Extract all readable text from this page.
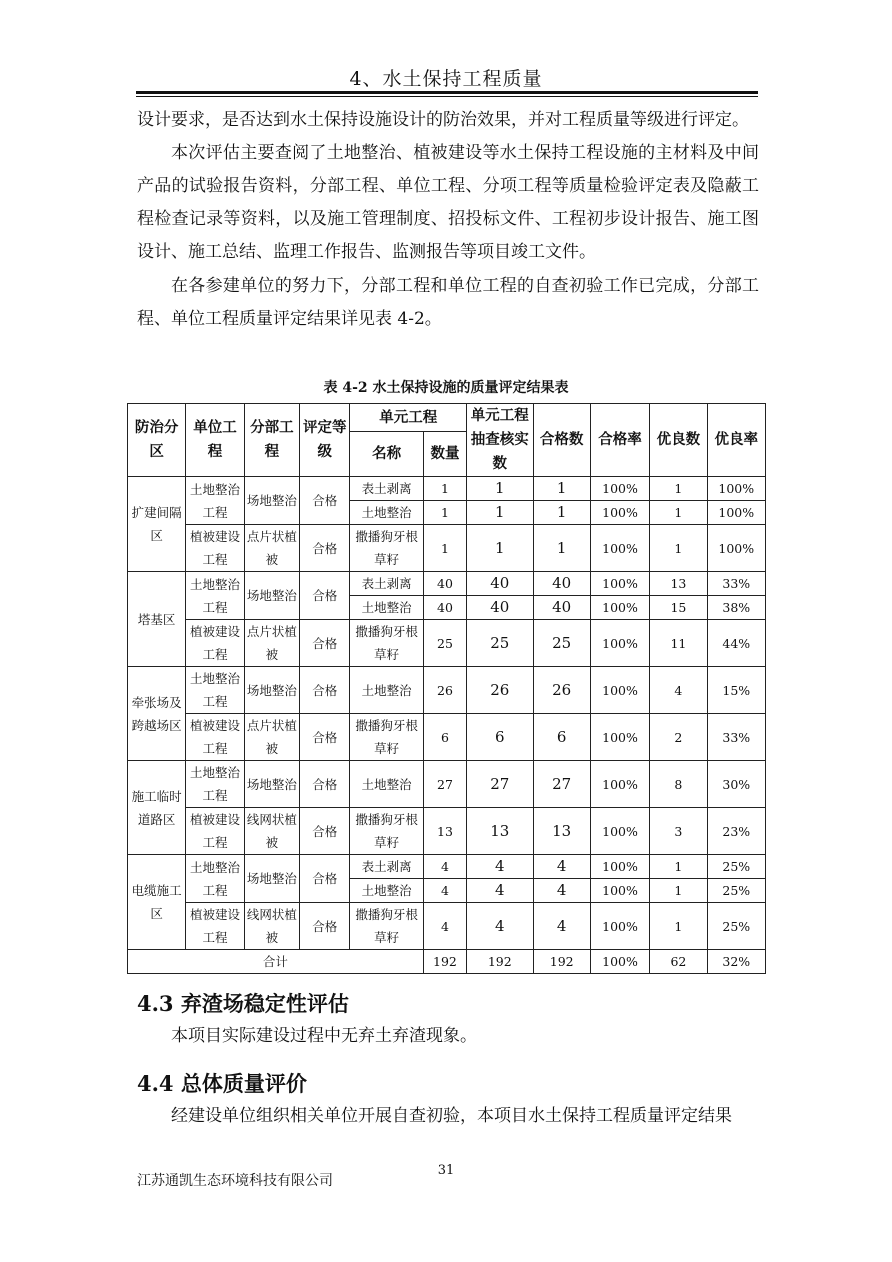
4、水土保持工程质量
设计要求，是否达到水土保持设施设计的防治效果，并对工程质量等级进行评定。
本次评估主要查阅了土地整治、植被建设等水土保持工程设施的主材料及中间产品的试验报告资料，分部工程、单位工程、分项工程等质量检验评定表及隐蔽工程检查记录等资料，以及施工管理制度、招投标文件、工程初步设计报告、施工图设计、施工总结、监理工作报告、监测报告等项目竣工文件。
在各参建单位的努力下，分部工程和单位工程的自查初验工作已完成，分部工程、单位工程质量评定结果详见表 4-2。
表 4-2 水土保持设施的质量评定结果表
防治分区	单位工程	分部工程	评定等级	单元工程		单元工程抽查核实数	合格数	合格率	优良数	优良率
				名称	数量					
扩建间隔区	土地整治工程	场地整治	合格	表土剥离	1	1	1	100%	1	100%
				土地整治	1	1	1	100%	1	100%
	植被建设工程	点片状植被	合格	撒播狗牙根草籽	1	1	1	100%	1	100%
塔基区	土地整治工程	场地整治	合格	表土剥离	40	40	40	100%	13	33%
				土地整治	40	40	40	100%	15	38%
	植被建设工程	点片状植被	合格	撒播狗牙根草籽	25	25	25	100%	11	44%
牵张场及跨越场区	土地整治工程	场地整治	合格	土地整治	26	26	26	100%	4	15%
	植被建设工程	点片状植被	合格	撒播狗牙根草籽	6	6	6	100%	2	33%
施工临时道路区	土地整治工程	场地整治	合格	土地整治	27	27	27	100%	8	30%
	植被建设工程	线网状植被	合格	撒播狗牙根草籽	13	13	13	100%	3	23%
电缆施工区	土地整治工程	场地整治	合格	表土剥离	4	4	4	100%	1	25%
				土地整治	4	4	4	100%	1	25%
	植被建设工程	线网状植被	合格	撒播狗牙根草籽	4	4	4	100%	1	25%
合计					192	192	192	100%	62	32%
4.3 弃渣场稳定性评估
本项目实际建设过程中无弃土弃渣现象。
4.4 总体质量评价
经建设单位组织相关单位开展自查初验，本项目水土保持工程质量评定结果
31
江苏通凯生态环境科技有限公司
